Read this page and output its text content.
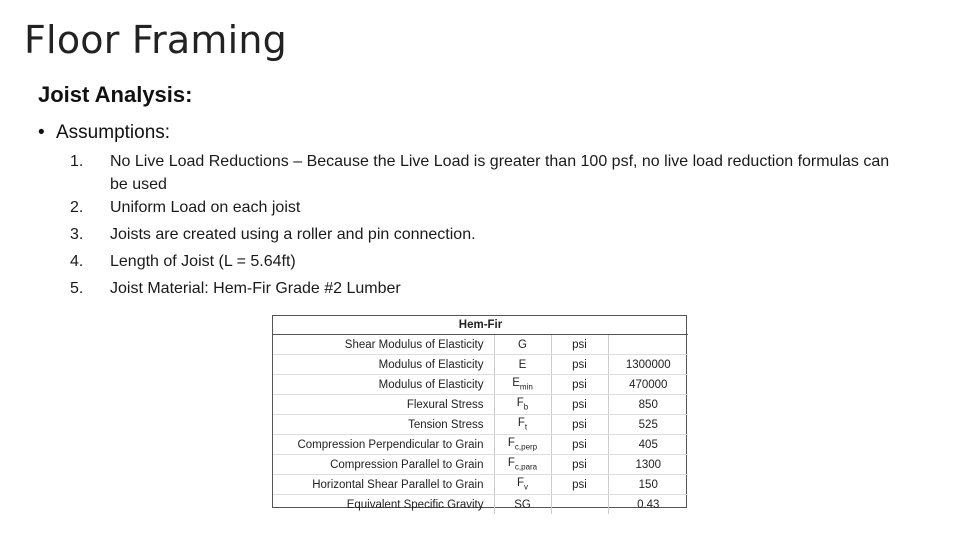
Floor Framing
Joist Analysis:
• Assumptions:
1.	No Live Load Reductions – Because the Live Load is greater than 100 psf, no live load reduction formulas can be used
2.	Uniform Load on each joist
3.	Joists are created using a roller and pin connection.
4.	Length of Joist (L = 5.64ft)
5.	Joist Material: Hem-Fir Grade #2 Lumber
Hem-Fir			
Shear Modulus of Elasticity	G	psi	
Modulus of Elasticity	E	psi	1300000
Modulus of Elasticity	$E_{min}$	psi	470000
Flexural Stress	$F_b$	psi	850
Tension Stress	$F_t$	psi	525
Compression Perpendicular to Grain	$F_{c,perp}$	psi	405
Compression Parallel to Grain	$F_{c,para}$	psi	1300
Horizontal Shear Parallel to Grain	$F_v$	psi	150
Equivalent Specific Gravity	SG		0.43
